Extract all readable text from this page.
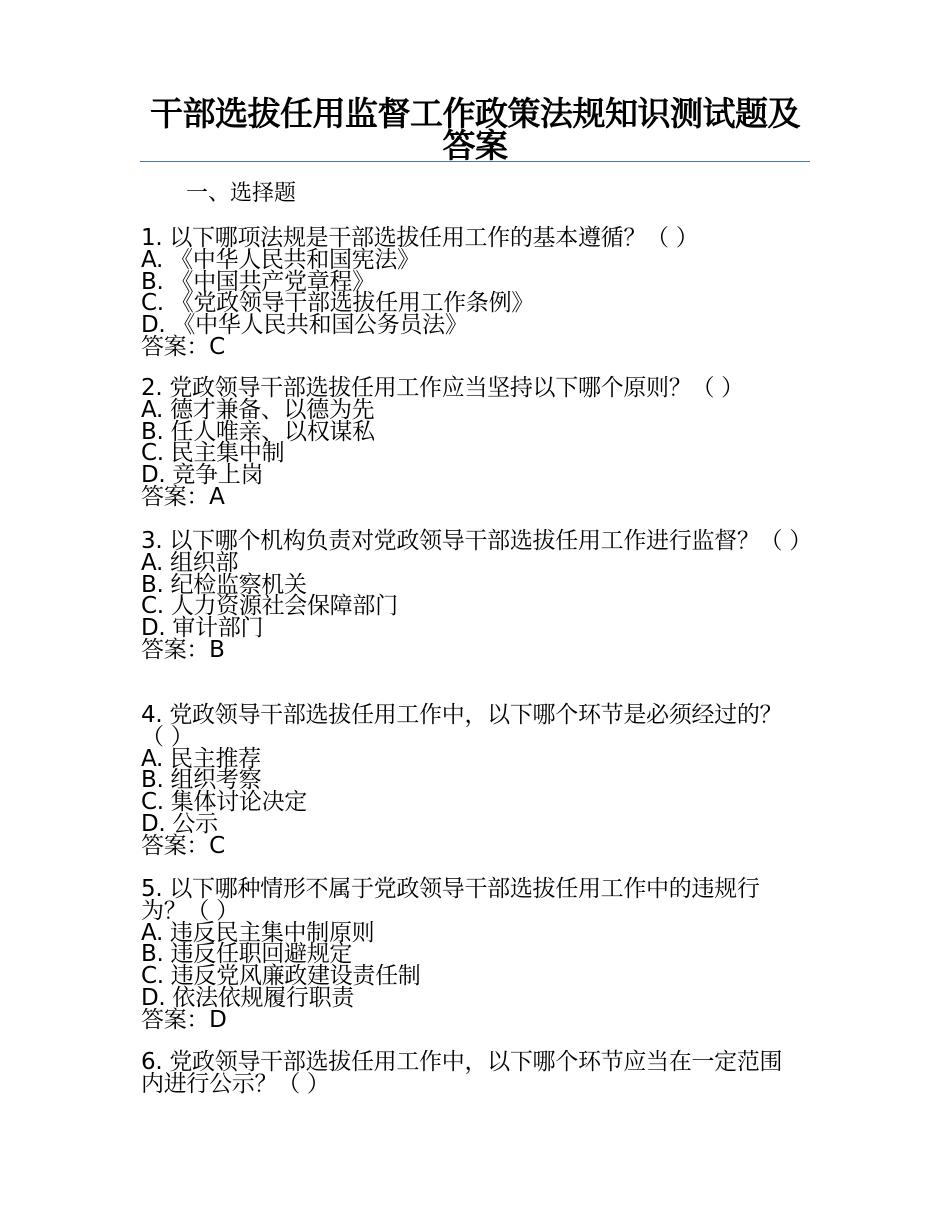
干部选拔任用监督工作政策法规知识测试题及答案
一、选择题
1. 以下哪项法规是干部选拔任用工作的基本遵循？（ ）
A. 《中华人民共和国宪法》
B. 《中国共产党章程》
C. 《党政领导干部选拔任用工作条例》
D. 《中华人民共和国公务员法》
答案：C
2. 党政领导干部选拔任用工作应当坚持以下哪个原则？（ ）
A. 德才兼备、以德为先
B. 任人唯亲、以权谋私
C. 民主集中制
D. 竞争上岗
答案：A
3. 以下哪个机构负责对党政领导干部选拔任用工作进行监督？（ ）
A. 组织部
B. 纪检监察机关
C. 人力资源社会保障部门
D. 审计部门
答案：B
4. 党政领导干部选拔任用工作中，以下哪个环节是必须经过的？（ ）
A. 民主推荐
B. 组织考察
C. 集体讨论决定
D. 公示
答案：C
5. 以下哪种情形不属于党政领导干部选拔任用工作中的违规行为？（ ）
A. 违反民主集中制原则
B. 违反任职回避规定
C. 违反党风廉政建设责任制
D. 依法依规履行职责
答案：D
6. 党政领导干部选拔任用工作中，以下哪个环节应当在一定范围内进行公示？（ ）
